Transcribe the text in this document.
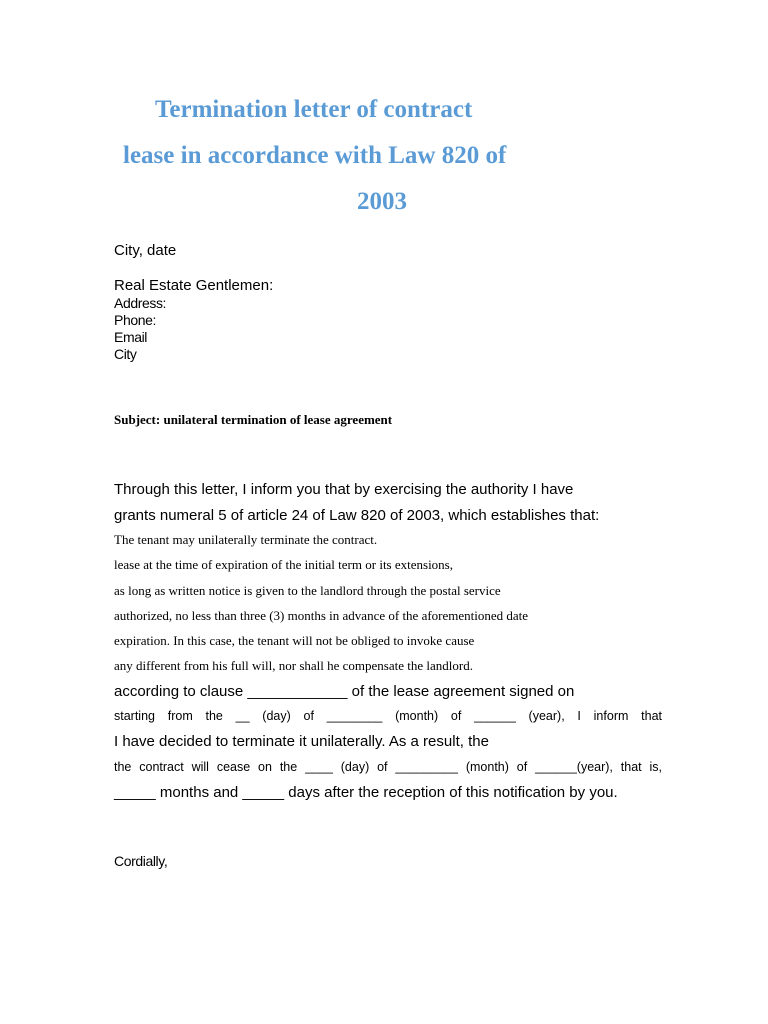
Termination letter of contract
lease in accordance with Law 820 of
2003
City, date
Real Estate Gentlemen:
Address:
Phone:
Email
City
Subject: unilateral termination of lease agreement
Through this letter, I inform you that by exercising the authority I have
grants numeral 5 of article 24 of Law 820 of 2003, which establishes that:
The tenant may unilaterally terminate the contract.
lease at the time of expiration of the initial term or its extensions,
as long as written notice is given to the landlord through the postal service
authorized, no less than three (3) months in advance of the aforementioned date
expiration. In this case, the tenant will not be obliged to invoke cause
any different from his full will, nor shall he compensate the landlord.
according to clause ____________ of the lease agreement signed on
starting from the __ (day) of ________ (month) of ______ (year), I inform that
I have decided to terminate it unilaterally. As a result, the
the contract will cease on the ____ (day) of _________ (month) of ______(year), that is,
_____ months and _____ days after the reception of this notification by you.
Cordially,
